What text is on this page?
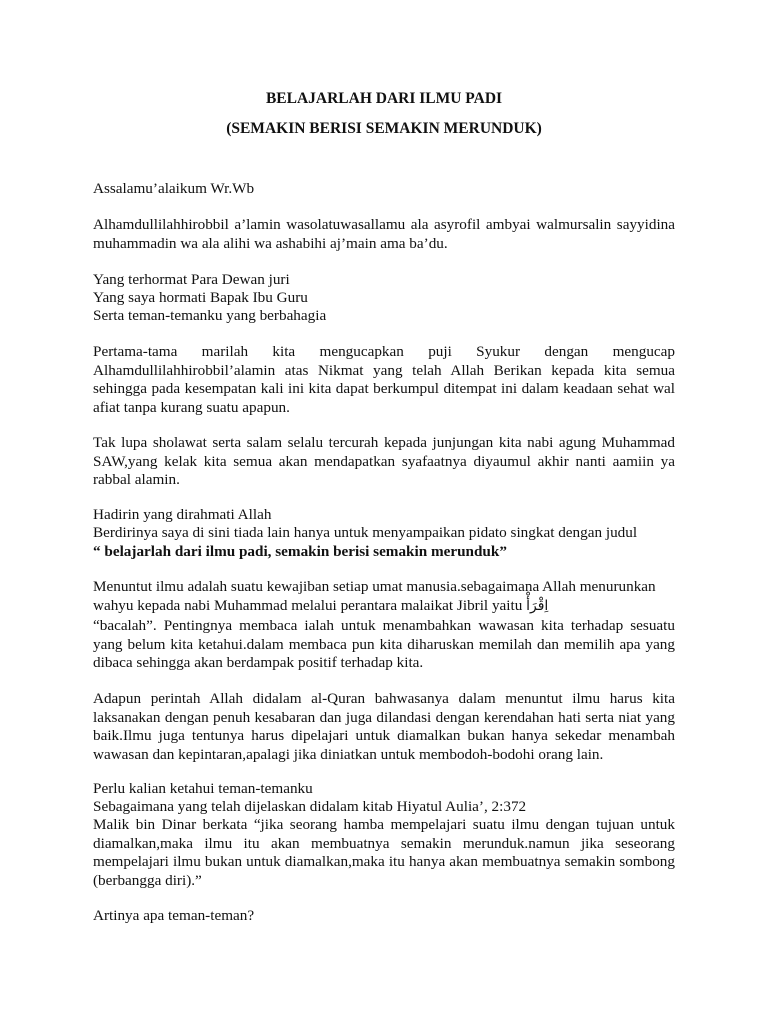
BELAJARLAH DARI ILMU PADI
(SEMAKIN BERISI SEMAKIN MERUNDUK)
Assalamu’alaikum Wr.Wb
Alhamdullilahhirobbil a’lamin wasolatuwasallamu ala asyrofil ambyai walmursalin sayyidina muhammadin wa ala alihi wa ashabihi aj’main ama ba’du.
Yang terhormat Para Dewan juri
Yang saya hormati Bapak Ibu Guru
Serta teman-temanku yang berbahagia
Pertama-tama marilah kita mengucapkan puji Syukur dengan mengucap Alhamdullilahhirobbil’alamin atas Nikmat yang telah Allah Berikan kepada kita semua sehingga pada kesempatan kali ini kita dapat berkumpul ditempat ini dalam keadaan sehat wal afiat tanpa kurang suatu apapun.
Tak lupa sholawat serta salam selalu tercurah kepada junjungan kita nabi agung Muhammad SAW,yang kelak kita semua akan mendapatkan syafaatnya diyaumul akhir nanti aamiin ya rabbal alamin.
Hadirin yang dirahmati Allah
Berdirinya saya di sini tiada lain hanya untuk menyampaikan pidato singkat dengan judul
“ belajarlah dari ilmu padi, semakin berisi semakin merunduk”
Menuntut ilmu adalah suatu kewajiban setiap umat manusia.sebagaimana Allah menurunkan
wahyu kepada nabi Muhammad melalui perantara malaikat Jibril yaitu اِقْرَأْ
“bacalah”. Pentingnya membaca ialah untuk menambahkan wawasan kita terhadap sesuatu yang belum kita ketahui.dalam membaca pun kita diharuskan memilah dan memilih apa yang dibaca sehingga akan berdampak positif terhadap kita.
Adapun perintah Allah didalam al-Quran bahwasanya dalam menuntut ilmu harus kita laksanakan dengan penuh kesabaran dan juga dilandasi dengan kerendahan hati serta niat yang baik.Ilmu juga tentunya harus dipelajari untuk diamalkan bukan hanya sekedar menambah wawasan dan kepintaran,apalagi jika diniatkan untuk membodoh-bodohi orang lain.
Perlu kalian ketahui teman-temanku
Sebagaimana yang telah dijelaskan didalam kitab Hiyatul Aulia’, 2:372
Malik bin Dinar berkata “jika seorang hamba mempelajari suatu ilmu dengan tujuan untuk diamalkan,maka ilmu itu akan membuatnya semakin merunduk.namun jika seseorang mempelajari ilmu bukan untuk diamalkan,maka itu hanya akan membuatnya semakin sombong (berbangga diri).”
Artinya apa teman-teman?
